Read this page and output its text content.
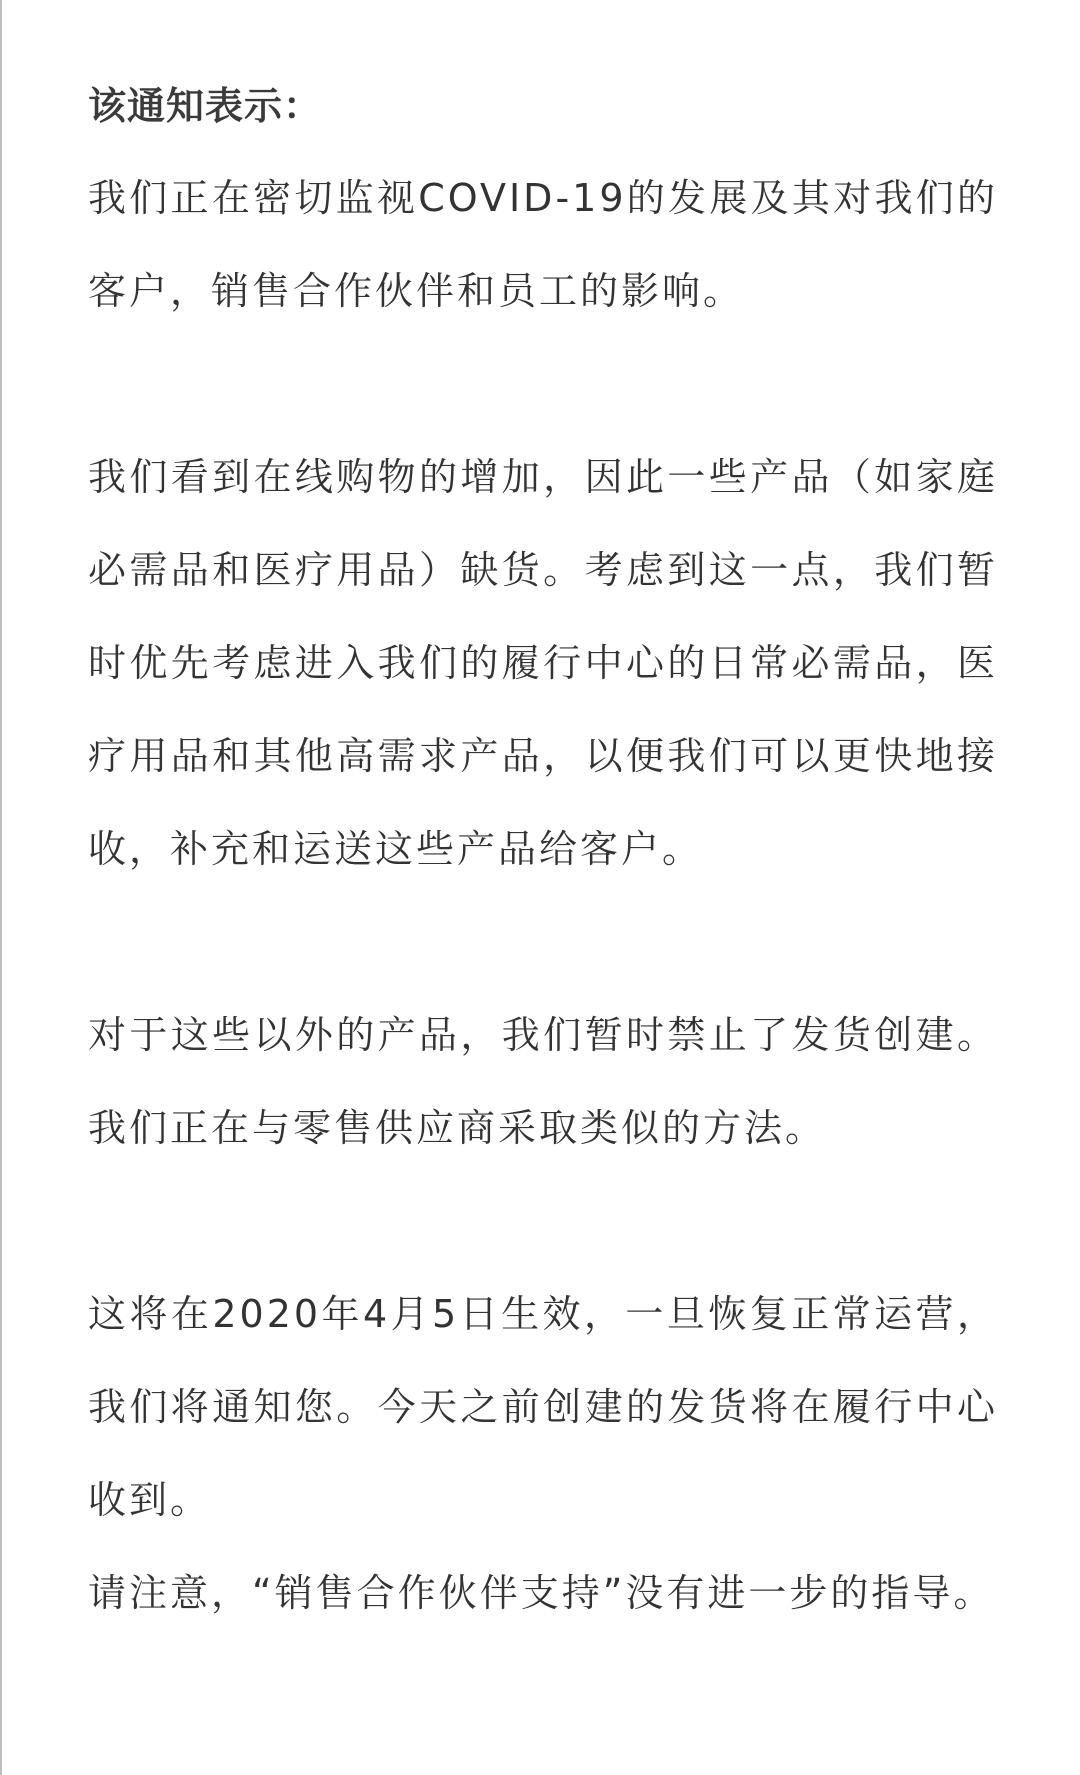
该通知表示：

我们正在密切监视COVID-19的发展及其对我们的客户，销售合作伙伴和员工的影响。

我们看到在线购物的增加，因此一些产品（如家庭必需品和医疗用品）缺货。考虑到这一点，我们暂时优先考虑进入我们的履行中心的日常必需品，医疗用品和其他高需求产品，以便我们可以更快地接收，补充和运送这些产品给客户。

对于这些以外的产品，我们暂时禁止了发货创建。我们正在与零售供应商采取类似的方法。

这将在2020年4月5日生效，一旦恢复正常运营，我们将通知您。今天之前创建的发货将在履行中心收到。

请注意，“销售合作伙伴支持”没有进一步的指导。
